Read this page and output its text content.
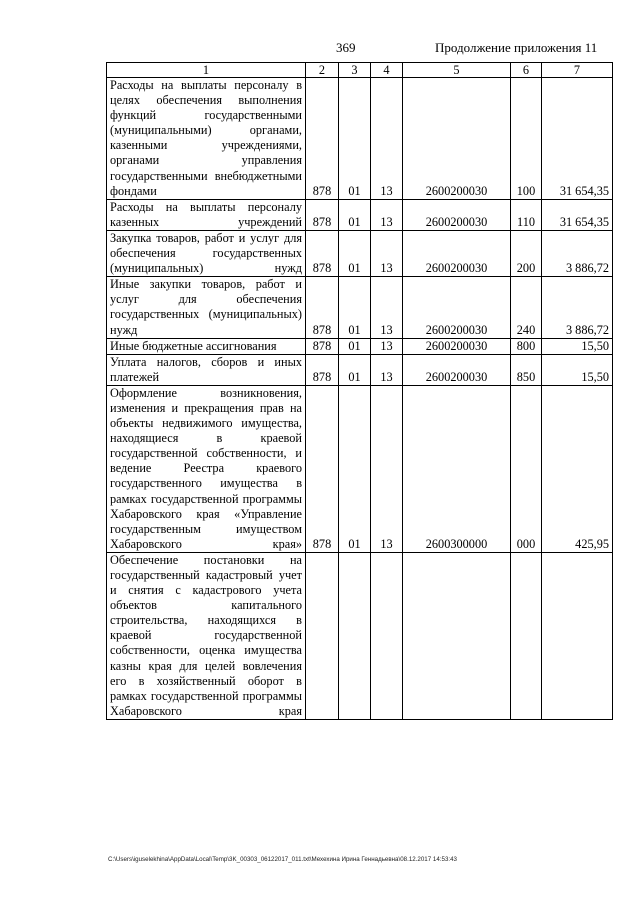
369	Продолжение приложения 11
1	2	3	4	5	6	7
Расходы на выплаты персоналу в целях обеспечения выполнения функций государственными (муниципальными) органами, казенными учреждениями, органами управления государственными внебюджетными фондами	878	01	13	2600200030	100	31 654,35
Расходы на выплаты персоналу казенных учреждений	878	01	13	2600200030	110	31 654,35
Закупка товаров, работ и услуг для обеспечения государственных (муниципальных) нужд	878	01	13	2600200030	200	3 886,72
Иные закупки товаров, работ и услуг для обеспечения государственных (муниципальных) нужд	878	01	13	2600200030	240	3 886,72
Иные бюджетные ассигнования	878	01	13	2600200030	800	15,50
Уплата налогов, сборов и иных платежей	878	01	13	2600200030	850	15,50
Оформление возникновения, изменения и прекращения прав на объекты недвижимого имущества, находящиеся в краевой государственной собственности, и ведение Реестра краевого государственного имущества в рамках государственной программы Хабаровского края «Управление государственным имуществом Хабаровского края»	878	01	13	2600300000	000	425,95
Обеспечение постановки на государственный кадастровый учет и снятия с кадастрового учета объектов капитального строительства, находящихся в краевой государственной собственности, оценка имущества казны края для целей вовлечения его в хозяйственный оборот в рамках государственной программы Хабаровского края						
C:\Users\iguselekhina\AppData\Local\Temp\3K_00303_06122017_011.txt\Мехехина Ирина Геннадьевна\08.12.2017 14:53:43
